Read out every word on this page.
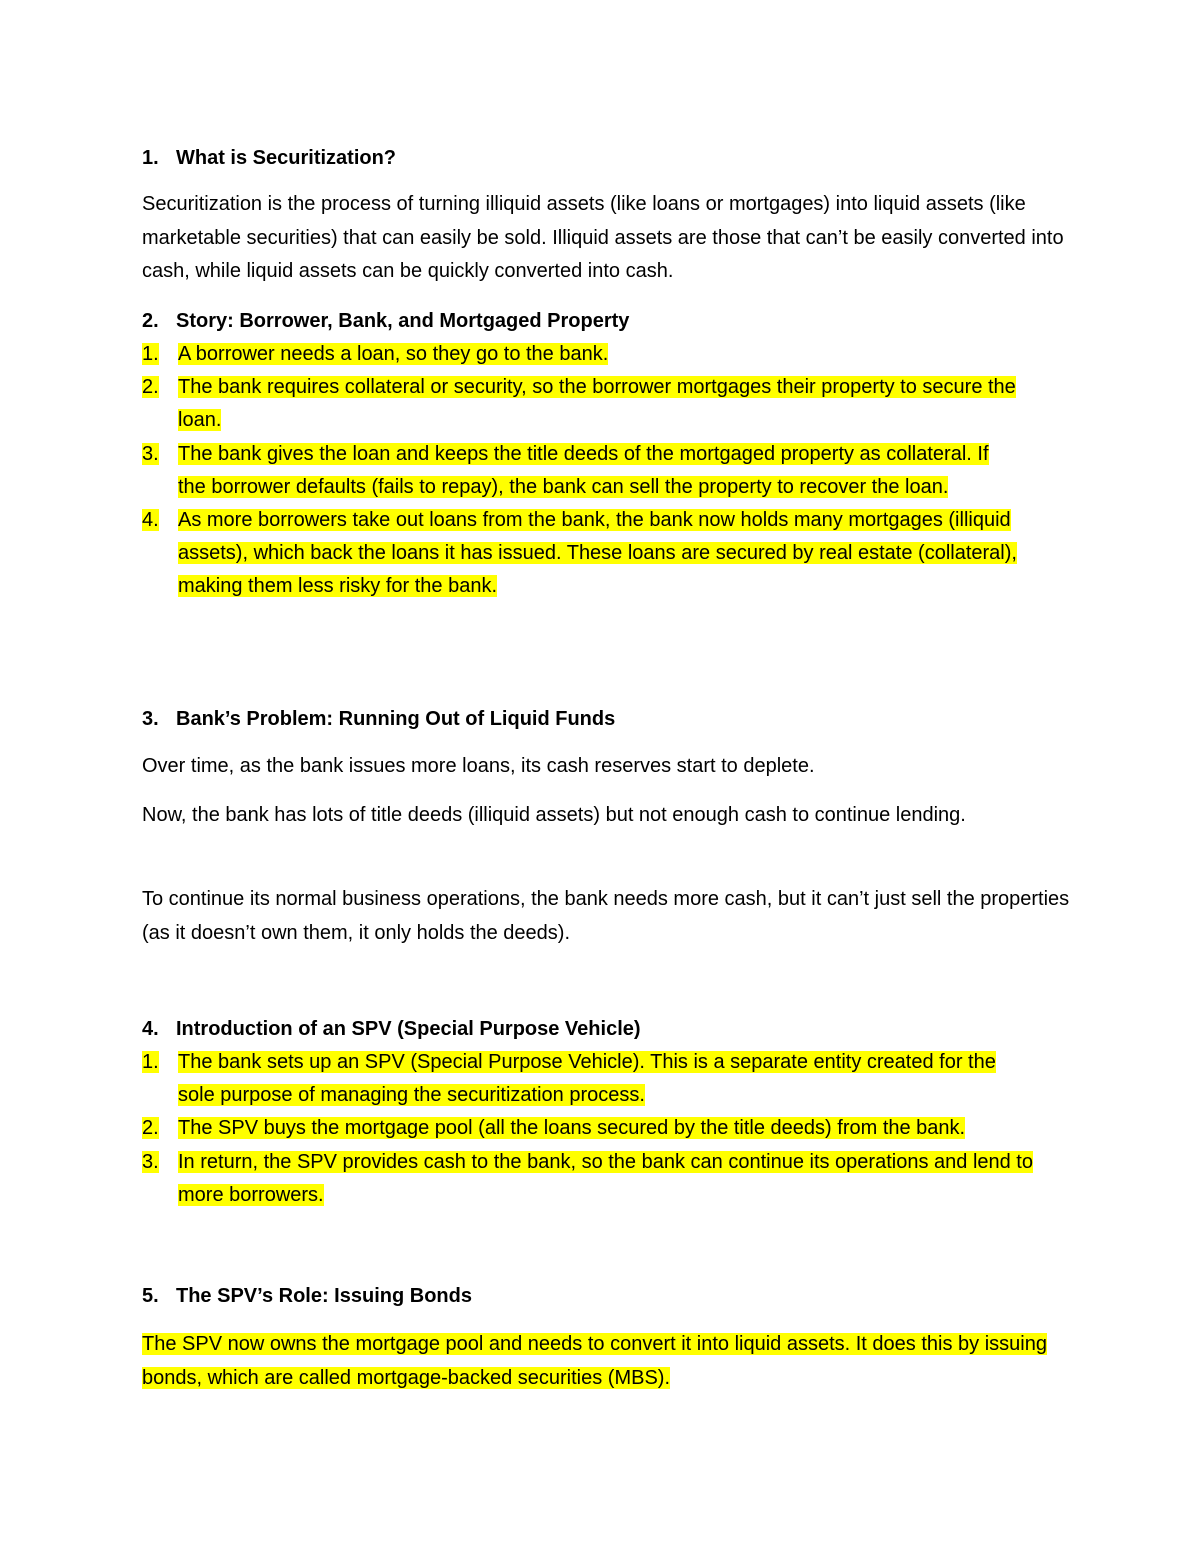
1. What is Securitization?

Securitization is the process of turning illiquid assets (like loans or mortgages) into liquid assets (like marketable securities) that can easily be sold. Illiquid assets are those that can’t be easily converted into cash, while liquid assets can be quickly converted into cash.

2. Story: Borrower, Bank, and Mortgaged Property
1. A borrower needs a loan, so they go to the bank.
2. The bank requires collateral or security, so the borrower mortgages their property to secure the loan.
3. The bank gives the loan and keeps the title deeds of the mortgaged property as collateral. If the borrower defaults (fails to repay), the bank can sell the property to recover the loan.
4. As more borrowers take out loans from the bank, the bank now holds many mortgages (illiquid assets), which back the loans it has issued. These loans are secured by real estate (collateral), making them less risky for the bank.
3. Bank’s Problem: Running Out of Liquid Funds

Over time, as the bank issues more loans, its cash reserves start to deplete.

Now, the bank has lots of title deeds (illiquid assets) but not enough cash to continue lending.

To continue its normal business operations, the bank needs more cash, but it can’t just sell the properties (as it doesn’t own them, it only holds the deeds).

4. Introduction of an SPV (Special Purpose Vehicle)
1. The bank sets up an SPV (Special Purpose Vehicle). This is a separate entity created for the sole purpose of managing the securitization process.
2. The SPV buys the mortgage pool (all the loans secured by the title deeds) from the bank.
3. In return, the SPV provides cash to the bank, so the bank can continue its operations and lend to more borrowers.
5. The SPV’s Role: Issuing Bonds

The SPV now owns the mortgage pool and needs to convert it into liquid assets. It does this by issuing bonds, which are called mortgage-backed securities (MBS).
